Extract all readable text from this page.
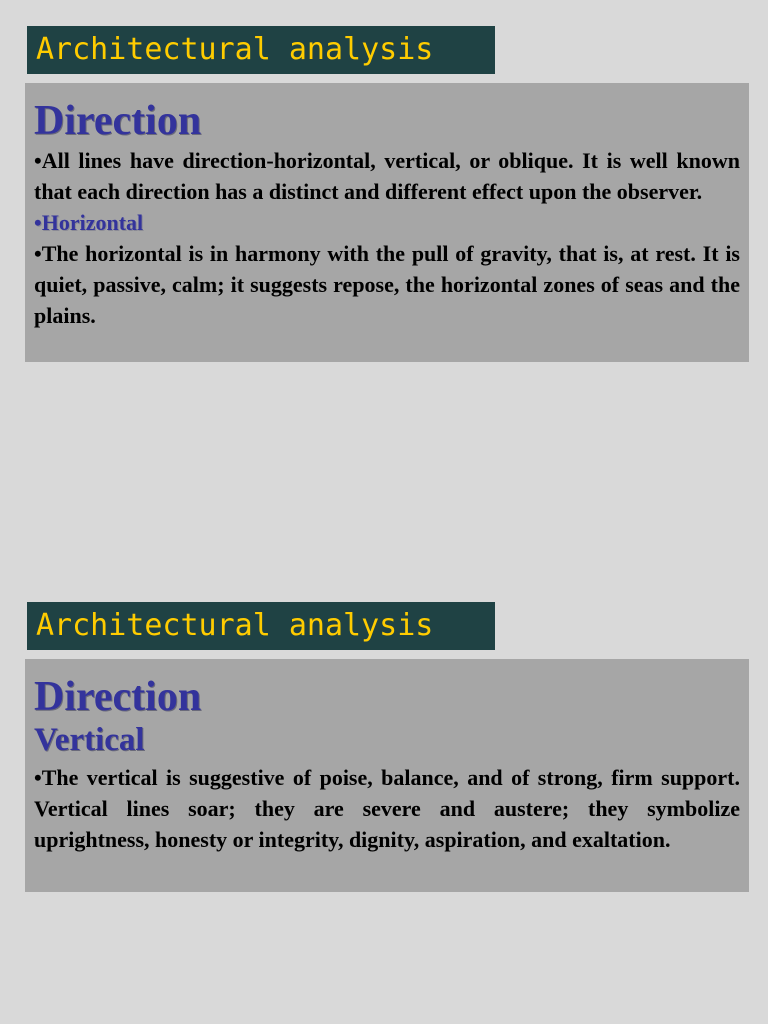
Architectural analysis
Direction

•All lines have direction-horizontal, vertical, or oblique. It is well known that each direction has a distinct and different effect upon the observer.

•Horizontal

•The horizontal is in harmony with the pull of gravity, that is, at rest. It is quiet, passive, calm; it suggests repose, the horizontal zones of seas and the plains.

Architectural analysis
Direction
Vertical

•The vertical is suggestive of poise, balance, and of strong, firm support. Vertical lines soar; they are severe and austere; they symbolize uprightness, honesty or integrity, dignity, aspiration, and exaltation.
